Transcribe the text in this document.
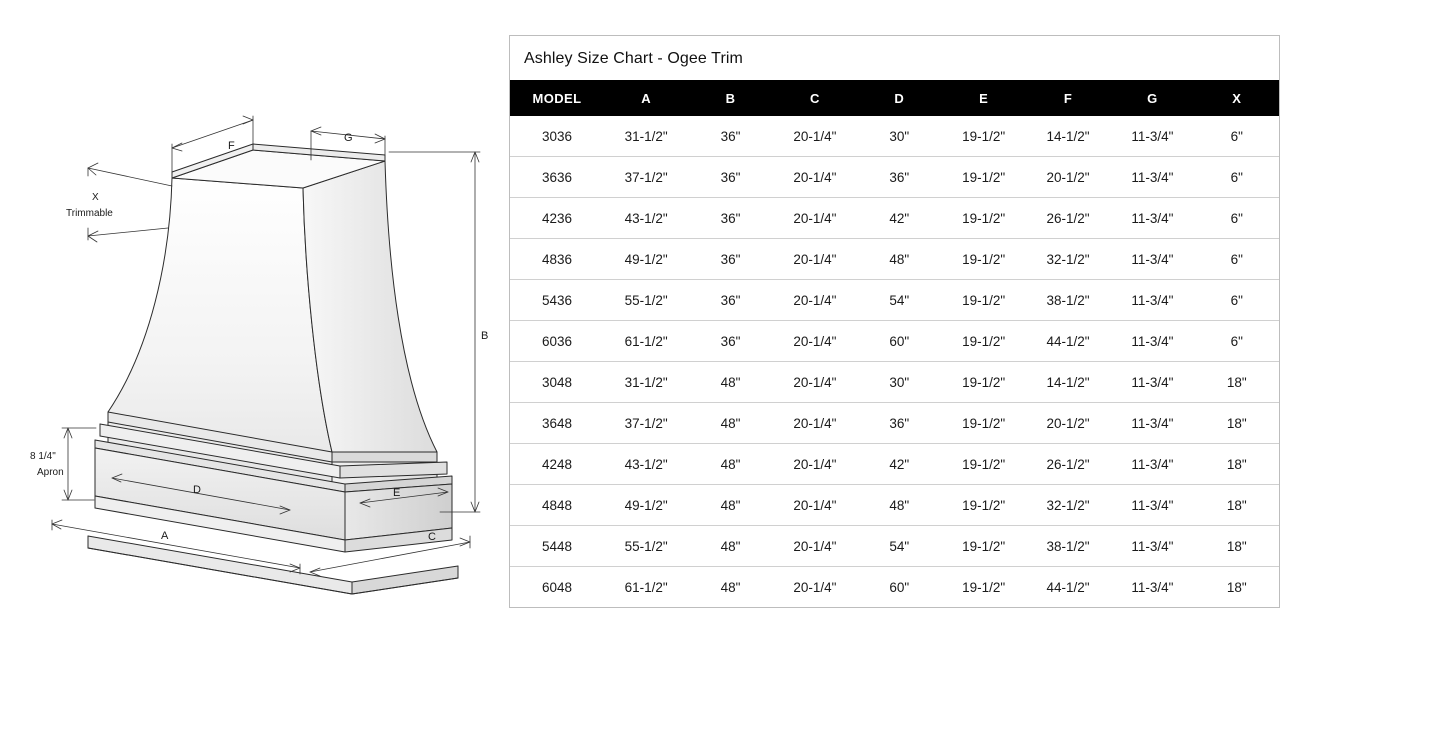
F
G
X
Trimmable
B
8 1/4"
Apron
D	E
A	C
Ashley Size Chart - Ogee Trim
MODEL	A	B	C	D	E	F	G	X
3036	31-1/2"	36"	20-1/4"	30"	19-1/2"	14-1/2"	11-3/4"	6"
3636	37-1/2"	36"	20-1/4"	36"	19-1/2"	20-1/2"	11-3/4"	6"
4236	43-1/2"	36"	20-1/4"	42"	19-1/2"	26-1/2"	11-3/4"	6"
4836	49-1/2"	36"	20-1/4"	48"	19-1/2"	32-1/2"	11-3/4"	6"
5436	55-1/2"	36"	20-1/4"	54"	19-1/2"	38-1/2"	11-3/4"	6"
6036	61-1/2"	36"	20-1/4"	60"	19-1/2"	44-1/2"	11-3/4"	6"
3048	31-1/2"	48"	20-1/4"	30"	19-1/2"	14-1/2"	11-3/4"	18"
3648	37-1/2"	48"	20-1/4"	36"	19-1/2"	20-1/2"	11-3/4"	18"
4248	43-1/2"	48"	20-1/4"	42"	19-1/2"	26-1/2"	11-3/4"	18"
4848	49-1/2"	48"	20-1/4"	48"	19-1/2"	32-1/2"	11-3/4"	18"
5448	55-1/2"	48"	20-1/4"	54"	19-1/2"	38-1/2"	11-3/4"	18"
6048	61-1/2"	48"	20-1/4"	60"	19-1/2"	44-1/2"	11-3/4"	18"
